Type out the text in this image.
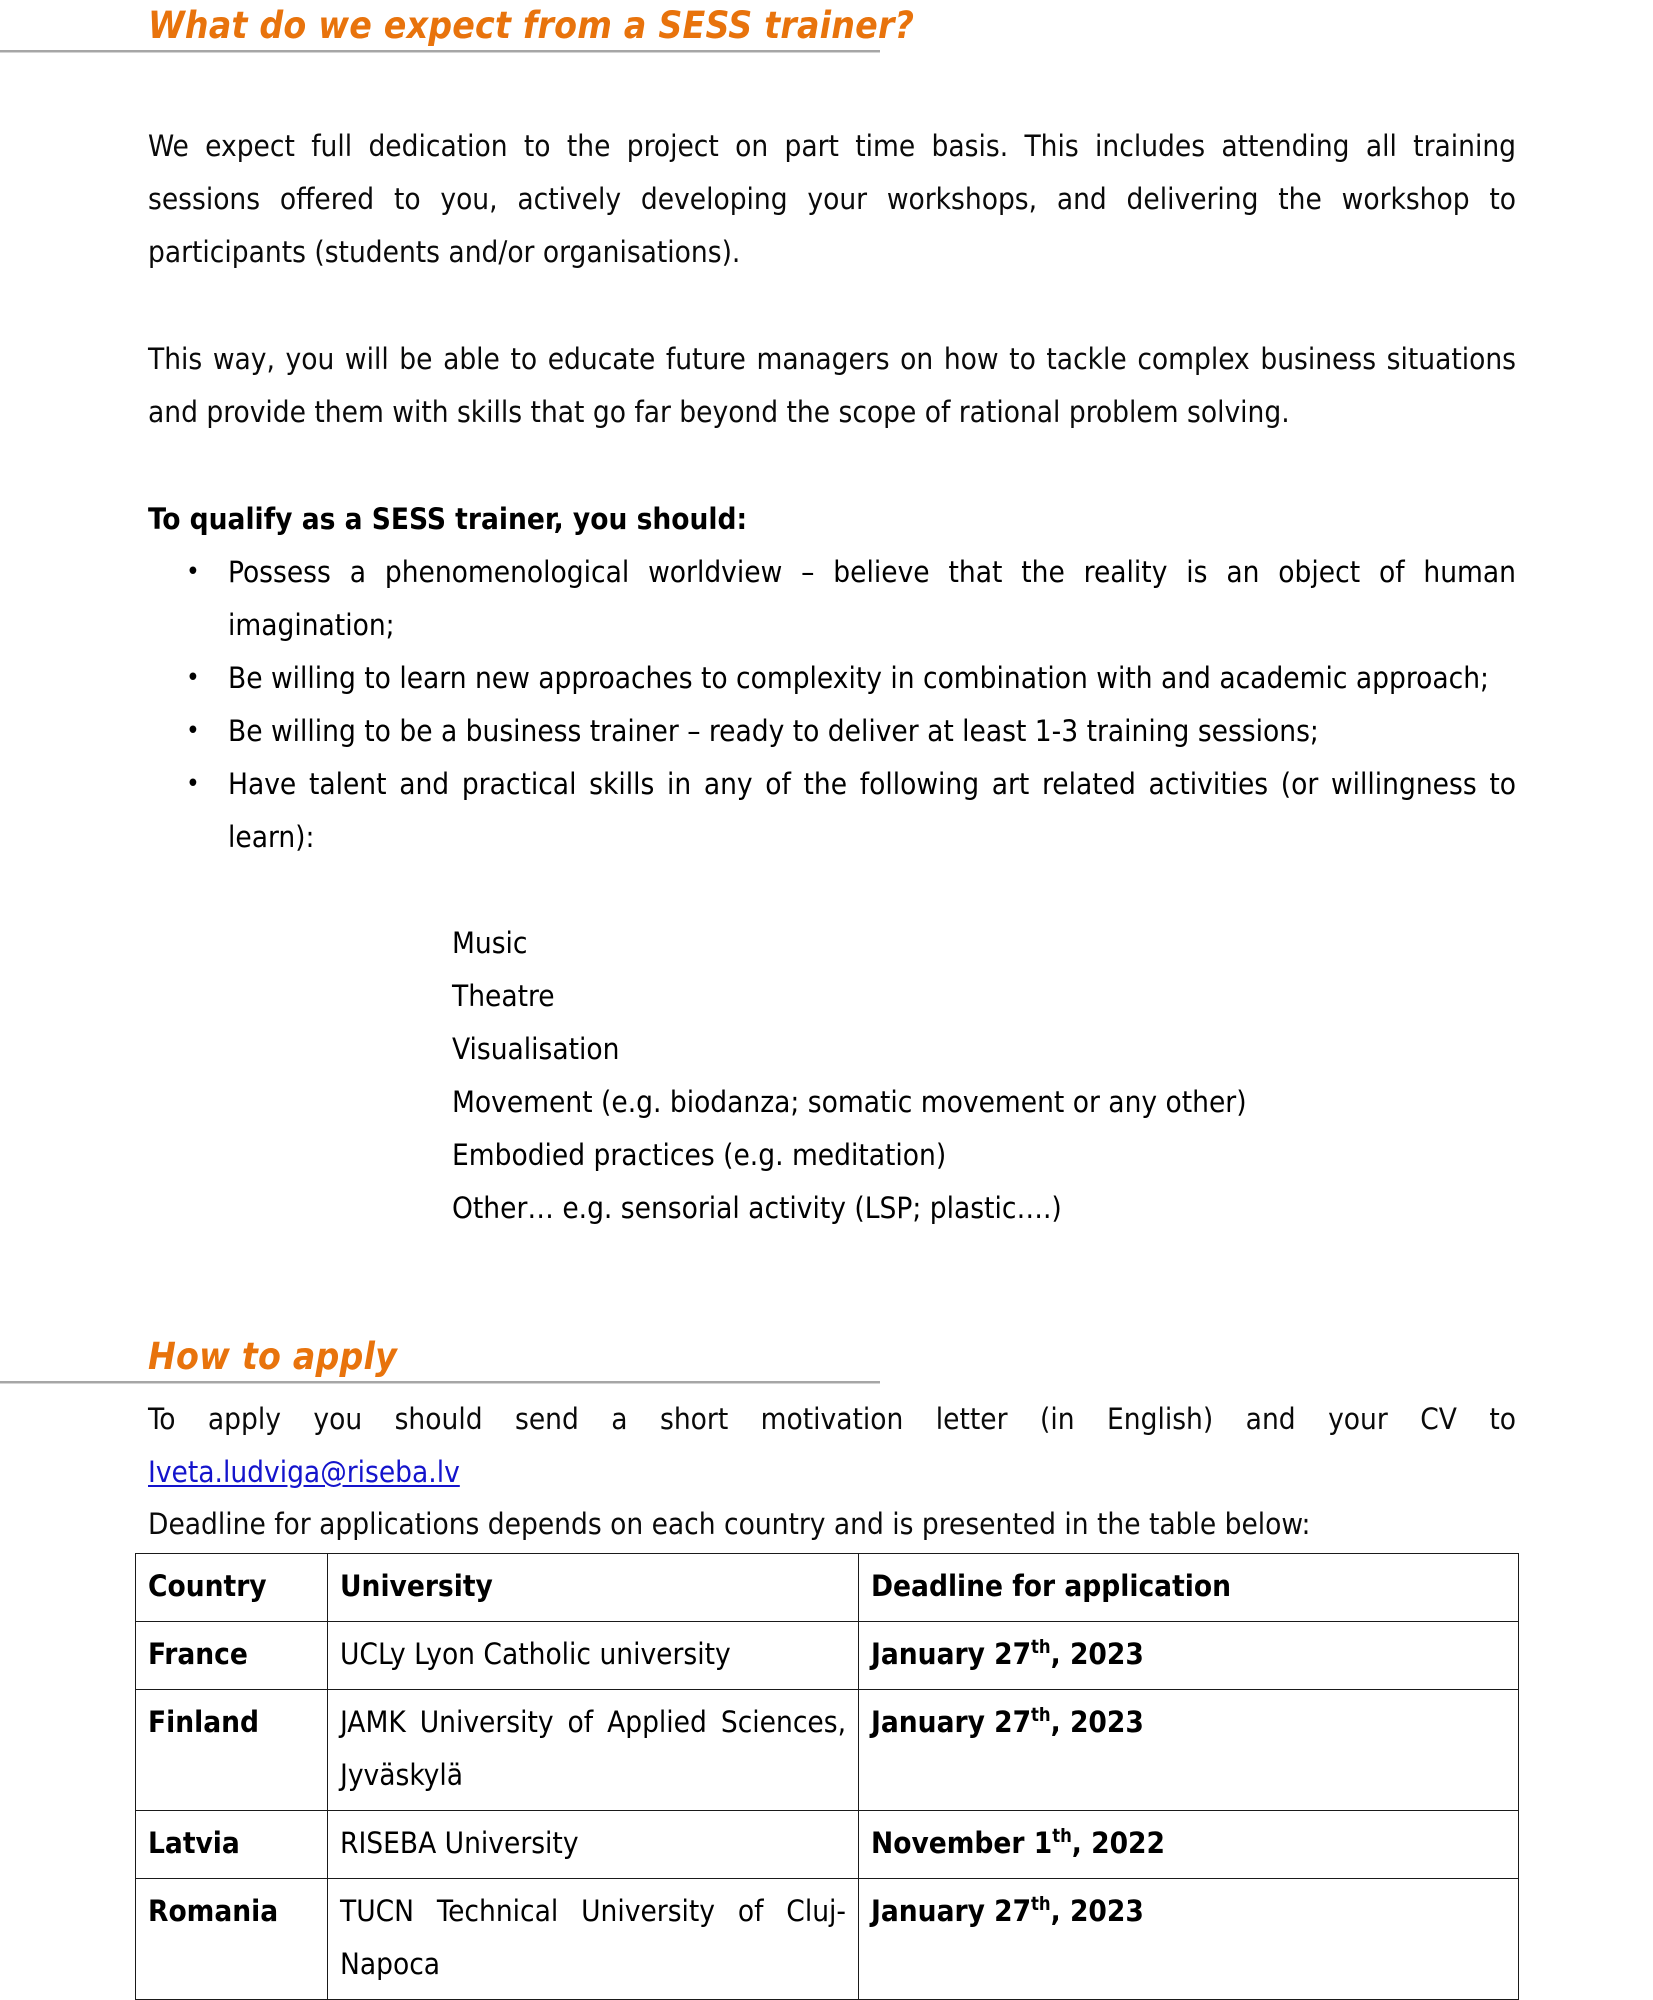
What do we expect from a SESS trainer?
We expect full dedication to the project on part time basis. This includes attending all training sessions offered to you, actively developing your workshops, and delivering the workshop to participants (students and/or organisations).
This way, you will be able to educate future managers on how to tackle complex business situations and provide them with skills that go far beyond the scope of rational problem solving.
To qualify as a SESS trainer, you should:
• Possess a phenomenological worldview – believe that the reality is an object of human imagination;
• Be willing to learn new approaches to complexity in combination with and academic approach;
• Be willing to be a business trainer – ready to deliver at least 1-3 training sessions;
• Have talent and practical skills in any of the following art related activities (or willingness to learn):
Music
Theatre
Visualisation
Movement (e.g. biodanza; somatic movement or any other)
Embodied practices (e.g. meditation)
Other… e.g. sensorial activity (LSP; plastic….)
How to apply
To apply you should send a short motivation letter (in English) and your CV to
Iveta.ludviga@riseba.lv
Deadline for applications depends on each country and is presented in the table below:
Country	University	Deadline for application
France	UCLy Lyon Catholic university	January 27th, 2023
Finland	JAMK University of Applied Sciences, Jyväskylä	January 27th, 2023
Latvia	RISEBA University	November 1th, 2022
Romania	TUCN Technical University of Cluj-Napoca	January 27th, 2023
